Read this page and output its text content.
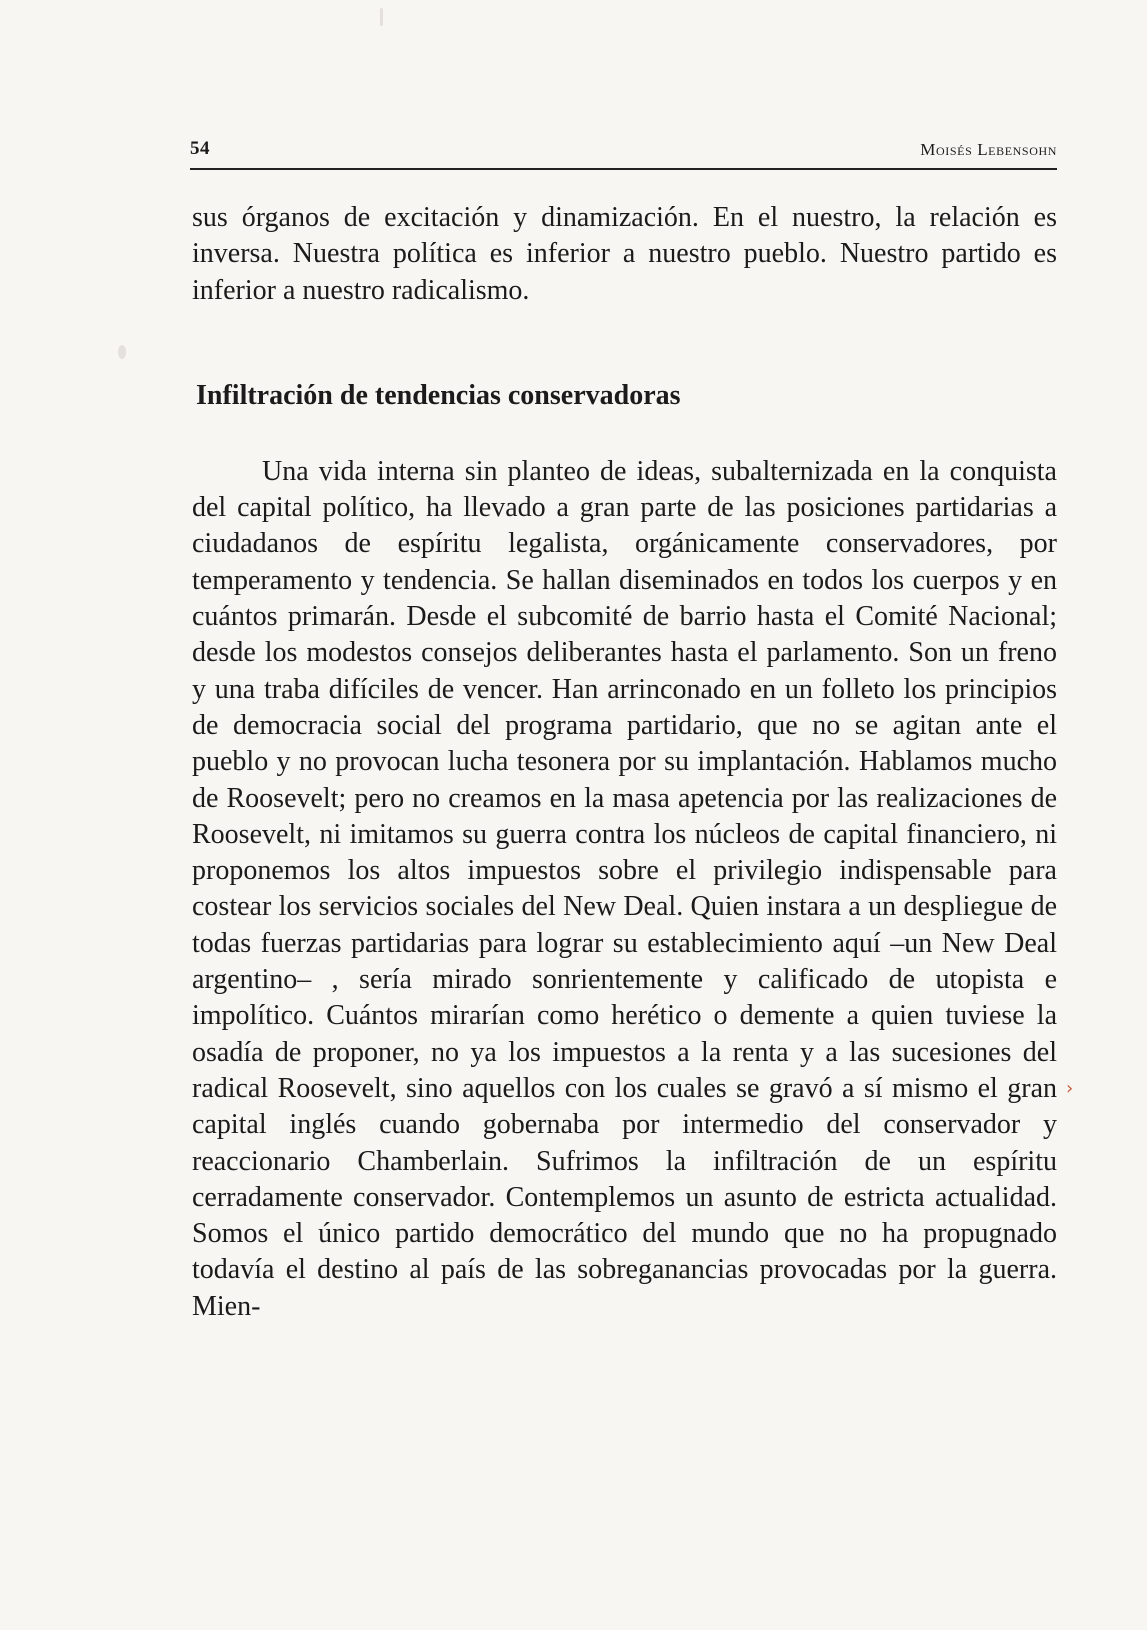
54	Moisés Lebensohn

sus órganos de excitación y dinamización. En el nuestro, la relación es inversa. Nuestra política es inferior a nuestro pueblo. Nuestro partido es inferior a nuestro radicalismo.

Infiltración de tendencias conservadoras

Una vida interna sin planteo de ideas, subalternizada en la conquista del capital político, ha llevado a gran parte de las posiciones partidarias a ciudadanos de espíritu legalista, orgánicamente conservadores, por temperamento y tendencia. Se hallan diseminados en todos los cuerpos y en cuántos primarán. Desde el subcomité de barrio hasta el Comité Nacional; desde los modestos consejos deliberantes hasta el parlamento. Son un freno y una traba difíciles de vencer. Han arrinconado en un folleto los principios de democracia social del programa partidario, que no se agitan ante el pueblo y no provocan lucha tesonera por su implantación. Hablamos mucho de Roosevelt; pero no creamos en la masa apetencia por las realizaciones de Roosevelt, ni imitamos su guerra contra los núcleos de capital financiero, ni proponemos los altos impuestos sobre el privilegio indispensable para costear los servicios sociales del New Deal. Quien instara a un despliegue de todas fuerzas partidarias para lograr su establecimiento aquí –un New Deal argentino– , sería mirado sonrientemente y calificado de utopista e impolítico. Cuántos mirarían como herético o demente a quien tuviese la osadía de proponer, no ya los impuestos a la renta y a las sucesiones del radical Roosevelt, sino aquellos con los cuales se gravó a sí mismo el gran capital inglés cuando gobernaba por intermedio del conservador y reaccionario Chamberlain. Sufrimos la infiltración de un espíritu cerradamente conservador. Contemplemos un asunto de estricta actualidad. Somos el único partido democrático del mundo que no ha propugnado todavía el destino al país de las sobreganancias provocadas por la guerra. Mien-

›
